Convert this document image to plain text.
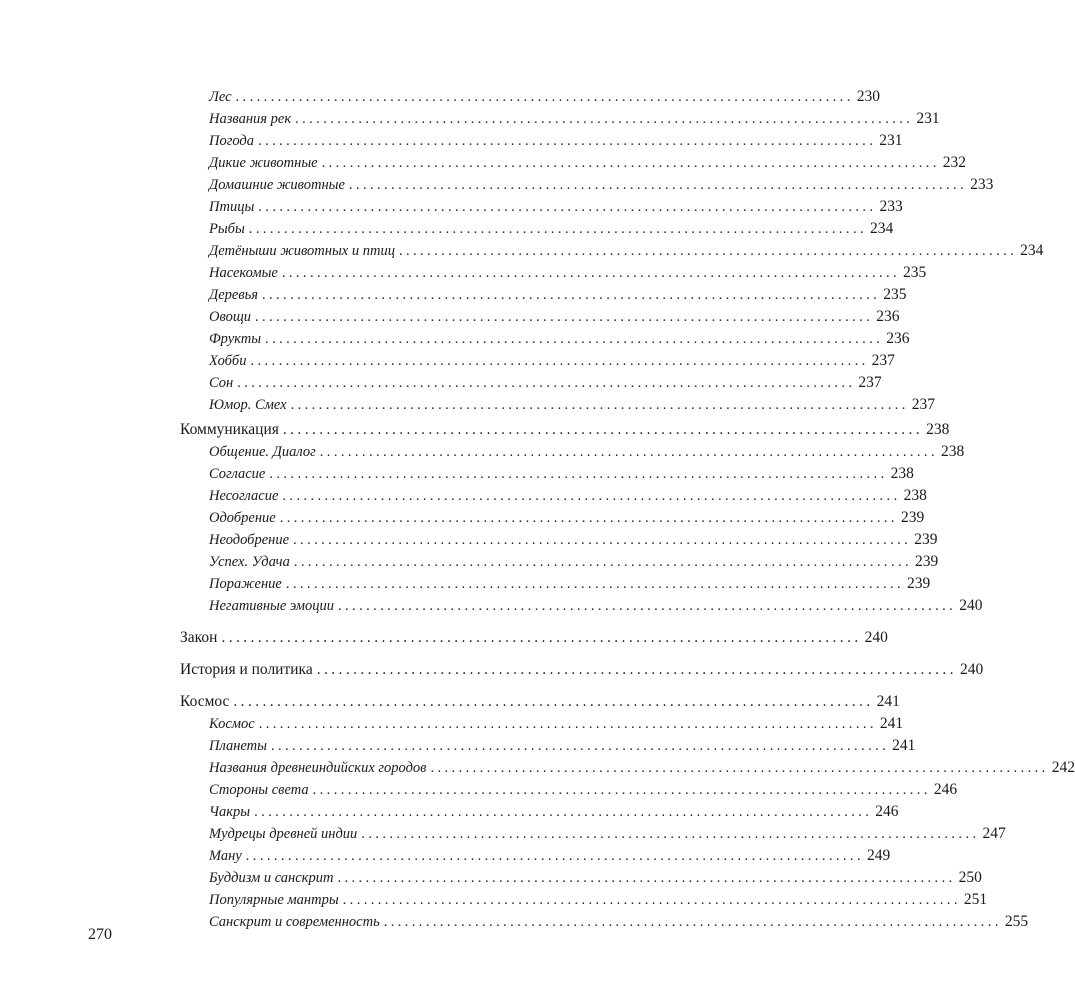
Лес ........................................................................................ 230
Названия рек ........................................................................................ 231
Погода ........................................................................................ 231
Дикие животные ........................................................................................ 232
Домашние животные ........................................................................................ 233
Птицы ........................................................................................ 233
Рыбы ........................................................................................ 234
Детёныши животных и птиц ........................................................................................ 234
Насекомые ........................................................................................ 235
Деревья ........................................................................................ 235
Овощи ........................................................................................ 236
Фрукты ........................................................................................ 236
Хобби ........................................................................................ 237
Сон ........................................................................................ 237
Юмор. Смех ........................................................................................ 237
Коммуникация ........................................................................................ 238
Общение. Диалог ........................................................................................ 238
Согласие ........................................................................................ 238
Несогласие ........................................................................................ 238
Одобрение ........................................................................................ 239
Неодобрение ........................................................................................ 239
Успех. Удача ........................................................................................ 239
Поражение ........................................................................................ 239
Негативные эмоции ........................................................................................ 240
Закон ........................................................................................ 240
История и политика ........................................................................................ 240
Космос ........................................................................................ 241
Космос ........................................................................................ 241
Планеты ........................................................................................ 241
Названия древнеиндийских городов ........................................................................................ 242
Стороны света ........................................................................................ 246
Чакры ........................................................................................ 246
Мудрецы древней индии ........................................................................................ 247
Ману ........................................................................................ 249
Буддизм и санскрит ........................................................................................ 250
Популярные мантры ........................................................................................ 251
Санскрит и современность ........................................................................................ 255
270
